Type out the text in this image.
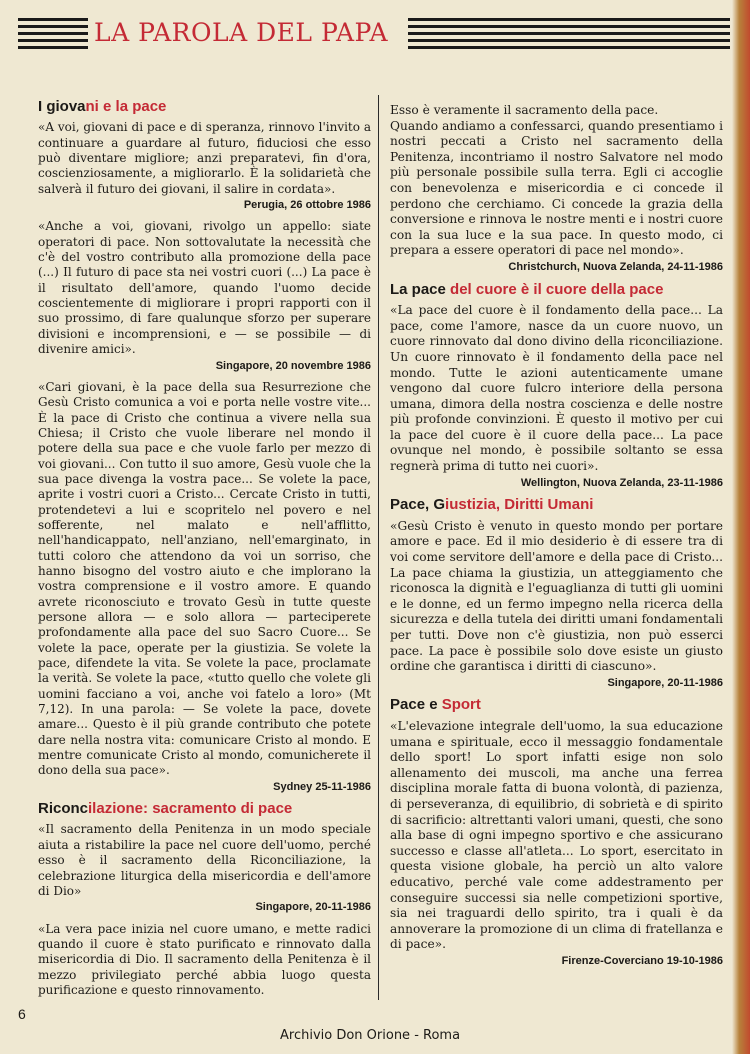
LA PAROLA DEL PAPA
I giovani e la pace

«A voi, giovani di pace e di speranza, rinnovo l'invito a continuare a guardare al futuro, fiduciosi che esso può diventare migliore; anzi preparatevi, fin d'ora, coscienziosamente, a migliorarlo. È la solidarietà che salverà il futuro dei giovani, il salire in cordata».

Perugia, 26 ottobre 1986

«Anche a voi, giovani, rivolgo un appello: siate operatori di pace. Non sottovalutate la necessità che c'è del vostro contributo alla promozione della pace (...) Il futuro di pace sta nei vostri cuori (...) La pace è il risultato dell'amore, quando l'uomo decide coscientemente di migliorare i propri rapporti con il suo prossimo, di fare qualunque sforzo per superare divisioni e incomprensioni, e — se possibile — di divenire amici».

Singapore, 20 novembre 1986

«Cari giovani, è la pace della sua Resurrezione che Gesù Cristo comunica a voi e porta nelle vostre vite... È la pace di Cristo che continua a vivere nella sua Chiesa; il Cristo che vuole liberare nel mondo il potere della sua pace e che vuole farlo per mezzo di voi giovani... Con tutto il suo amore, Gesù vuole che la sua pace divenga la vostra pace... Se volete la pace, aprite i vostri cuori a Cristo... Cercate Cristo in tutti, protendetevi a lui e scopritelo nel povero e nel sofferente, nel malato e nell'afflitto, nell'handicappato, nell'anziano, nell'emarginato, in tutti coloro che attendono da voi un sorriso, che hanno bisogno del vostro aiuto e che implorano la vostra comprensione e il vostro amore. E quando avrete riconosciuto e trovato Gesù in tutte queste persone allora — e solo allora — parteciperete profondamente alla pace del suo Sacro Cuore... Se volete la pace, operate per la giustizia. Se volete la pace, difendete la vita. Se volete la pace, proclamate la verità. Se volete la pace, «tutto quello che volete gli uomini facciano a voi, anche voi fatelo a loro» (Mt 7,12). In una parola: — Se volete la pace, dovete amare... Questo è il più grande contributo che potete dare nella nostra vita: comunicare Cristo al mondo. E mentre comunicate Cristo al mondo, comunicherete il dono della sua pace».

Sydney 25-11-1986
Riconcilazione: sacramento di pace

«Il sacramento della Penitenza in un modo speciale aiuta a ristabilire la pace nel cuore dell'uomo, perché esso è il sacramento della Riconciliazione, la celebrazione liturgica della misericordia e dell'amore di Dio»

Singapore, 20-11-1986

«La vera pace inizia nel cuore umano, e mette radici quando il cuore è stato purificato e rinnovato dalla misericordia di Dio. Il sacramento della Penitenza è il mezzo privilegiato perché abbia luogo questa purificazione e questo rinnovamento.

Esso è veramente il sacramento della pace.

Quando andiamo a confessarci, quando presentiamo i nostri peccati a Cristo nel sacramento della Penitenza, incontriamo il nostro Salvatore nel modo più personale possibile sulla terra. Egli ci accoglie con benevolenza e misericordia e ci concede il perdono che cerchiamo. Ci concede la grazia della conversione e rinnova le nostre menti e i nostri cuore con la sua luce e la sua pace. In questo modo, ci prepara a essere operatori di pace nel mondo».

Christchurch, Nuova Zelanda, 24-11-1986
La pace del cuore è il cuore della pace

«La pace del cuore è il fondamento della pace... La pace, come l'amore, nasce da un cuore nuovo, un cuore rinnovato dal dono divino della riconciliazione. Un cuore rinnovato è il fondamento della pace nel mondo. Tutte le azioni autenticamente umane vengono dal cuore fulcro interiore della persona umana, dimora della nostra coscienza e delle nostre più profonde convinzioni. È questo il motivo per cui la pace del cuore è il cuore della pace... La pace ovunque nel mondo, è possibile soltanto se essa regnerà prima di tutto nei cuori».

Wellington, Nuova Zelanda, 23-11-1986
Pace, Giustizia, Diritti Umani

«Gesù Cristo è venuto in questo mondo per portare amore e pace. Ed il mio desiderio è di essere tra di voi come servitore dell'amore e della pace di Cristo... La pace chiama la giustizia, un atteggiamento che riconosca la dignità e l'eguaglianza di tutti gli uomini e le donne, ed un fermo impegno nella ricerca della sicurezza e della tutela dei diritti umani fondamentali per tutti. Dove non c'è giustizia, non può esserci pace. La pace è possibile solo dove esiste un giusto ordine che garantisca i diritti di ciascuno».

Singapore, 20-11-1986
Pace e Sport

«L'elevazione integrale dell'uomo, la sua educazione umana e spirituale, ecco il messaggio fondamentale dello sport! Lo sport infatti esige non solo allenamento dei muscoli, ma anche una ferrea disciplina morale fatta di buona volontà, di pazienza, di perseveranza, di equilibrio, di sobrietà e di spirito di sacrificio: altrettanti valori umani, questi, che sono alla base di ogni impegno sportivo e che assicurano successo e classe all'atleta... Lo sport, esercitato in questa visione globale, ha perciò un alto valore educativo, perché vale come addestramento per conseguire successi sia nelle competizioni sportive, sia nei traguardi dello spirito, tra i quali è da annoverare la promozione di un clima di fratellanza e di pace».

Firenze-Coverciano 19-10-1986
6
Archivio Don Orione - Roma
